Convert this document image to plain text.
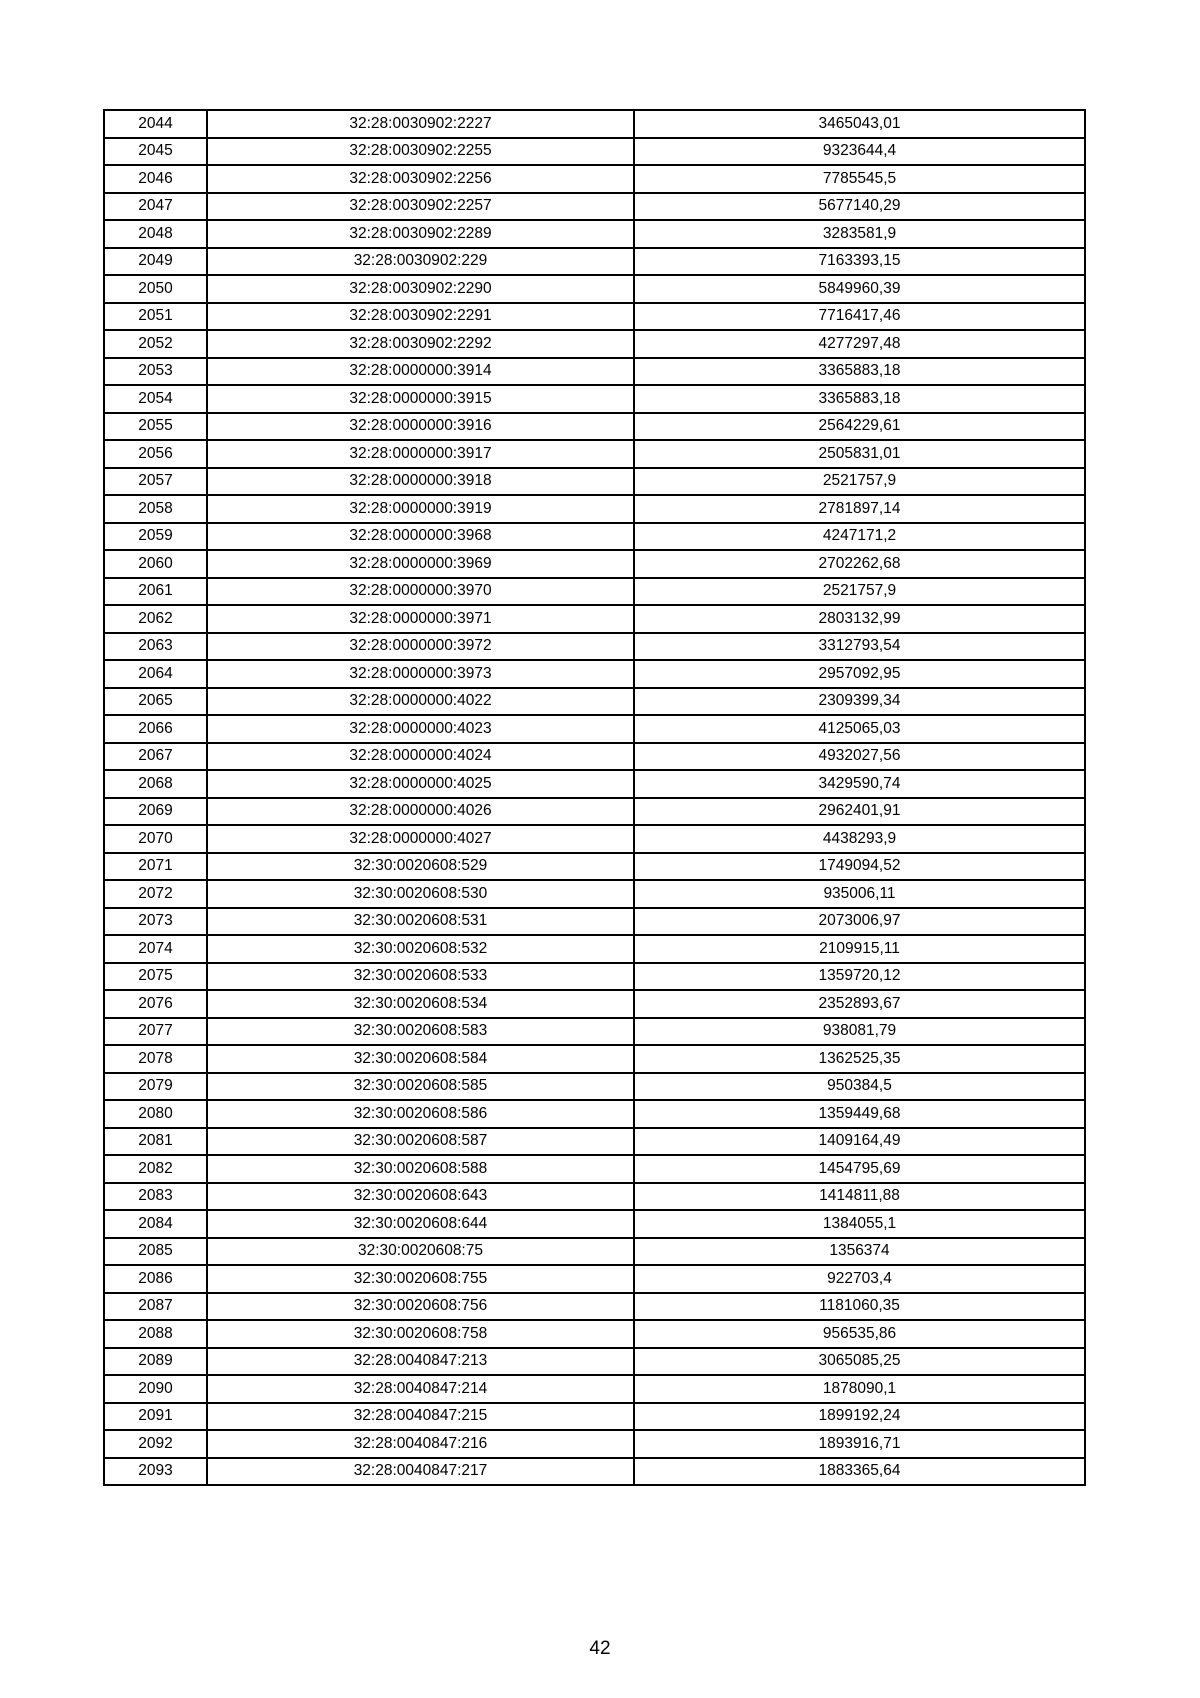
2044	32:28:0030902:2227	3465043,01
2045	32:28:0030902:2255	9323644,4
2046	32:28:0030902:2256	7785545,5
2047	32:28:0030902:2257	5677140,29
2048	32:28:0030902:2289	3283581,9
2049	32:28:0030902:229	7163393,15
2050	32:28:0030902:2290	5849960,39
2051	32:28:0030902:2291	7716417,46
2052	32:28:0030902:2292	4277297,48
2053	32:28:0000000:3914	3365883,18
2054	32:28:0000000:3915	3365883,18
2055	32:28:0000000:3916	2564229,61
2056	32:28:0000000:3917	2505831,01
2057	32:28:0000000:3918	2521757,9
2058	32:28:0000000:3919	2781897,14
2059	32:28:0000000:3968	4247171,2
2060	32:28:0000000:3969	2702262,68
2061	32:28:0000000:3970	2521757,9
2062	32:28:0000000:3971	2803132,99
2063	32:28:0000000:3972	3312793,54
2064	32:28:0000000:3973	2957092,95
2065	32:28:0000000:4022	2309399,34
2066	32:28:0000000:4023	4125065,03
2067	32:28:0000000:4024	4932027,56
2068	32:28:0000000:4025	3429590,74
2069	32:28:0000000:4026	2962401,91
2070	32:28:0000000:4027	4438293,9
2071	32:30:0020608:529	1749094,52
2072	32:30:0020608:530	935006,11
2073	32:30:0020608:531	2073006,97
2074	32:30:0020608:532	2109915,11
2075	32:30:0020608:533	1359720,12
2076	32:30:0020608:534	2352893,67
2077	32:30:0020608:583	938081,79
2078	32:30:0020608:584	1362525,35
2079	32:30:0020608:585	950384,5
2080	32:30:0020608:586	1359449,68
2081	32:30:0020608:587	1409164,49
2082	32:30:0020608:588	1454795,69
2083	32:30:0020608:643	1414811,88
2084	32:30:0020608:644	1384055,1
2085	32:30:0020608:75	1356374
2086	32:30:0020608:755	922703,4
2087	32:30:0020608:756	1181060,35
2088	32:30:0020608:758	956535,86
2089	32:28:0040847:213	3065085,25
2090	32:28:0040847:214	1878090,1
2091	32:28:0040847:215	1899192,24
2092	32:28:0040847:216	1893916,71
2093	32:28:0040847:217	1883365,64
42
